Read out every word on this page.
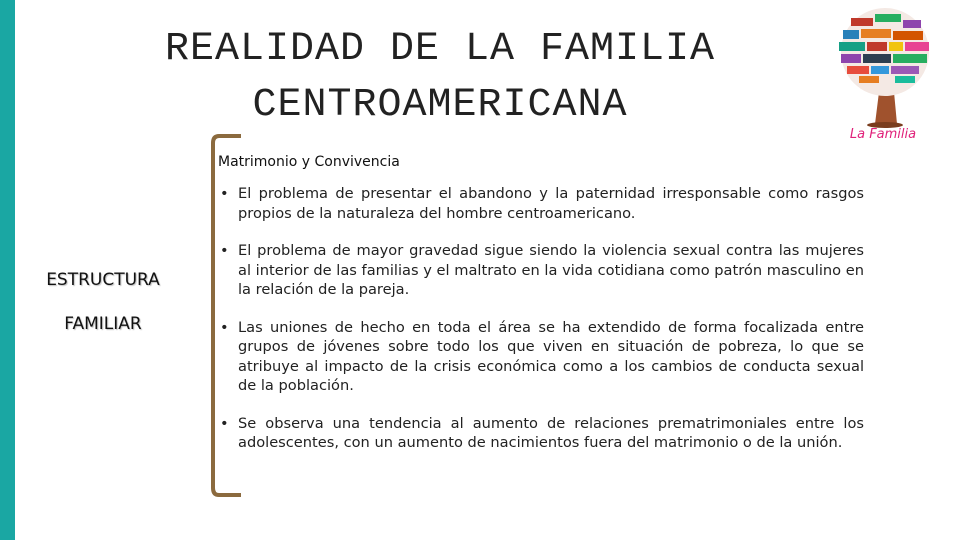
REALIDAD DE LA FAMILIA
CENTROAMERICANA
La Familia
ESTRUCTURA
FAMILIAR
Matrimonio y Convivencia
• El problema de presentar el abandono y la paternidad irresponsable como rasgos propios de la naturaleza del hombre centroamericano.
• El problema de mayor gravedad sigue siendo la violencia sexual contra las mujeres al interior de las familias y el maltrato en la vida cotidiana como patrón masculino en la relación de la pareja.
• Las uniones de hecho en toda el área se ha extendido de forma focalizada entre grupos de jóvenes sobre todo los que viven en situación de pobreza, lo que se atribuye al impacto de la crisis económica como a los cambios de conducta sexual de la población.
• Se observa una tendencia al aumento de relaciones prematrimoniales entre los adolescentes, con un aumento de nacimientos fuera del matrimonio o de la unión.
